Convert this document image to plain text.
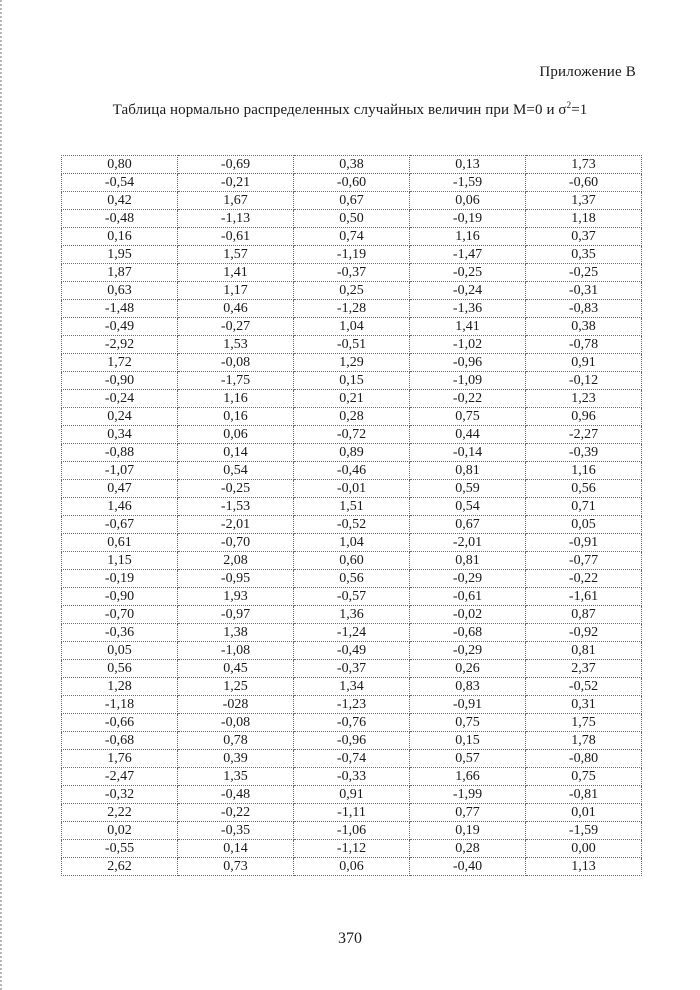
Приложение В
Таблица нормально распределенных случайных величин при М=0 и $\sigma^2=1$
0,80	-0,69	0,38	0,13	1,73
-0,54	-0,21	-0,60	-1,59	-0,60
0,42	1,67	0,67	0,06	1,37
-0,48	-1,13	0,50	-0,19	1,18
0,16	-0,61	0,74	1,16	0,37
1,95	1,57	-1,19	-1,47	0,35
1,87	1,41	-0,37	-0,25	-0,25
0,63	1,17	0,25	-0,24	-0,31
-1,48	0,46	-1,28	-1,36	-0,83
-0,49	-0,27	1,04	1,41	0,38
-2,92	1,53	-0,51	-1,02	-0,78
1,72	-0,08	1,29	-0,96	0,91
-0,90	-1,75	0,15	-1,09	-0,12
-0,24	1,16	0,21	-0,22	1,23
0,24	0,16	0,28	0,75	0,96
0,34	0,06	-0,72	0,44	-2,27
-0,88	0,14	0,89	-0,14	-0,39
-1,07	0,54	-0,46	0,81	1,16
0,47	-0,25	-0,01	0,59	0,56
1,46	-1,53	1,51	0,54	0,71
-0,67	-2,01	-0,52	0,67	0,05
0,61	-0,70	1,04	-2,01	-0,91
1,15	2,08	0,60	0,81	-0,77
-0,19	-0,95	0,56	-0,29	-0,22
-0,90	1,93	-0,57	-0,61	-1,61
-0,70	-0,97	1,36	-0,02	0,87
-0,36	1,38	-1,24	-0,68	-0,92
0,05	-1,08	-0,49	-0,29	0,81
0,56	0,45	-0,37	0,26	2,37
1,28	1,25	1,34	0,83	-0,52
-1,18	-028	-1,23	-0,91	0,31
-0,66	-0,08	-0,76	0,75	1,75
-0,68	0,78	-0,96	0,15	1,78
1,76	0,39	-0,74	0,57	-0,80
-2,47	1,35	-0,33	1,66	0,75
-0,32	-0,48	0,91	-1,99	-0,81
2,22	-0,22	-1,11	0,77	0,01
0,02	-0,35	-1,06	0,19	-1,59
-0,55	0,14	-1,12	0,28	0,00
2,62	0,73	0,06	-0,40	1,13
370
